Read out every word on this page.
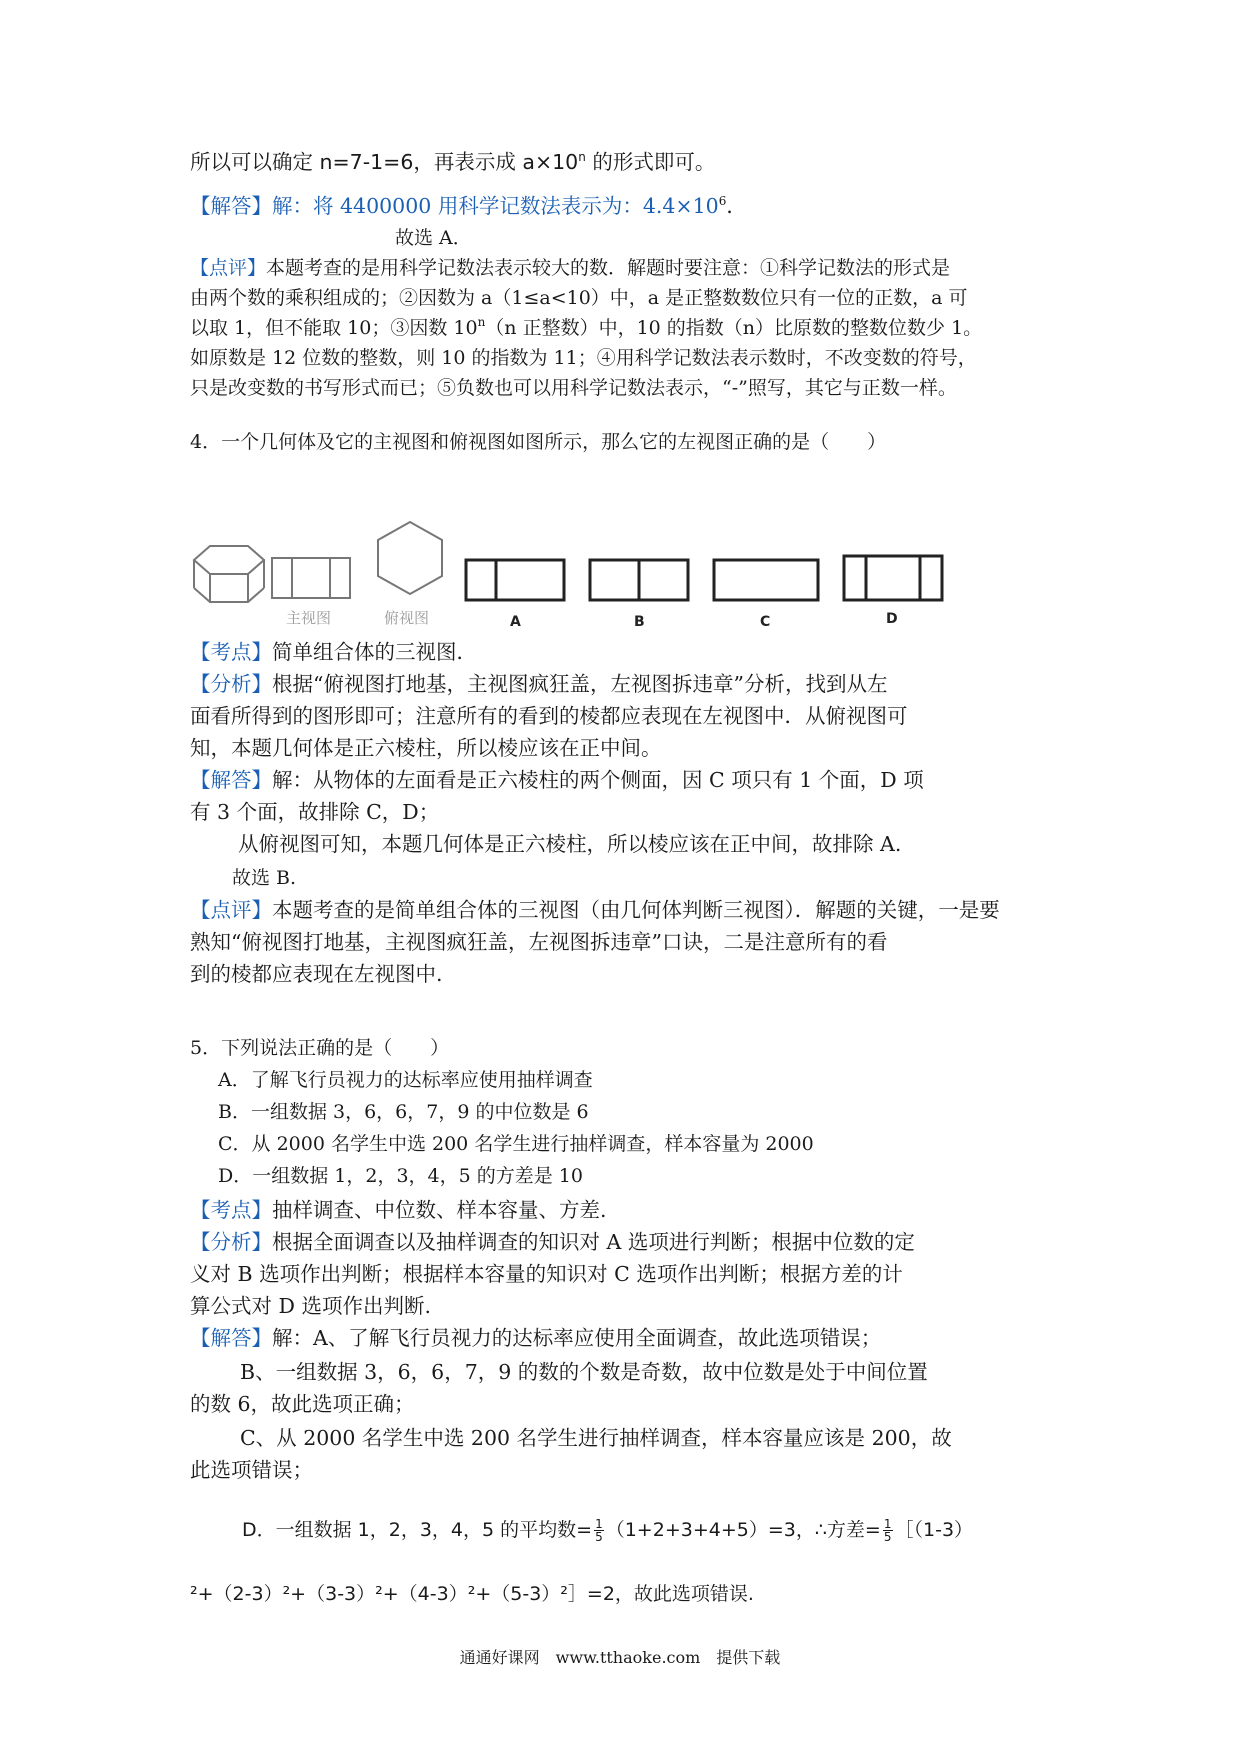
所以可以确定 n=7-1=6，再表示成 $a\times 10^n$ 的形式即可。
【解答】解：将 4400000 用科学记数法表示为：$4.4\times 10^6$．
故选 A．
【点评】本题考查的是用科学记数法表示较大的数．解题时要注意：①科学记数法的形式是
由两个数的乘积组成的；②因数为 a（1≤a<10）中，a 是正整数数位只有一位的正数，a 可
以取 1，但不能取 10；③因数 10$^n$（n 正整数）中，10 的指数（n）比原数的整数位数少 1。
如原数是 12 位数的整数，则 10 的指数为 11；④用科学记数法表示数时，不改变数的符号，
只是改变数的书写形式而已；⑤负数也可以用科学记数法表示，“-”照写，其它与正数一样。
4．一个几何体及它的主视图和俯视图如图所示，那么它的左视图正确的是（　　）
主视图	俯视图	A	B	C	D
【考点】简单组合体的三视图．
【分析】根据“俯视图打地基，主视图疯狂盖，左视图拆违章”分析，找到从左
面看所得到的图形即可；注意所有的看到的棱都应表现在左视图中．从俯视图可
知，本题几何体是正六棱柱，所以棱应该在正中间。
【解答】解：从物体的左面看是正六棱柱的两个侧面，因 C 项只有 1 个面，D 项
有 3 个面，故排除 C，D；
从俯视图可知，本题几何体是正六棱柱，所以棱应该在正中间，故排除 A.
故选 B.
【点评】本题考查的是简单组合体的三视图（由几何体判断三视图）．解题的关键，一是要
熟知“俯视图打地基，主视图疯狂盖，左视图拆违章”口诀，二是注意所有的看
到的棱都应表现在左视图中.
5．下列说法正确的是（　　）
A．了解飞行员视力的达标率应使用抽样调查
B．一组数据 3，6，6，7，9 的中位数是 6
C．从 2000 名学生中选 200 名学生进行抽样调查，样本容量为 2000
D．一组数据 1，2，3，4，5 的方差是 10
【考点】抽样调查、中位数、样本容量、方差.
【分析】根据全面调查以及抽样调查的知识对 A 选项进行判断；根据中位数的定
义对 B 选项作出判断；根据样本容量的知识对 C 选项作出判断；根据方差的计
算公式对 D 选项作出判断.
【解答】解：A、了解飞行员视力的达标率应使用全面调查，故此选项错误；
B、一组数据 3，6，6，7，9 的数的个数是奇数，故中位数是处于中间位置
的数 6，故此选项正确；
C、从 2000 名学生中选 200 名学生进行抽样调查，样本容量应该是 200，故
此选项错误；
D．一组数据 1，2，3，4，5 的平均数= $\frac{1}{5} (1+2+3+4+5)=3$，∴方差= $\frac{1}{5}$ ［（1-3）
²+（2-3）²+（3-3）²+（4-3）²+（5-3）²］=2，故此选项错误.
通通好课网　www.tthaoke.com　提供下载
